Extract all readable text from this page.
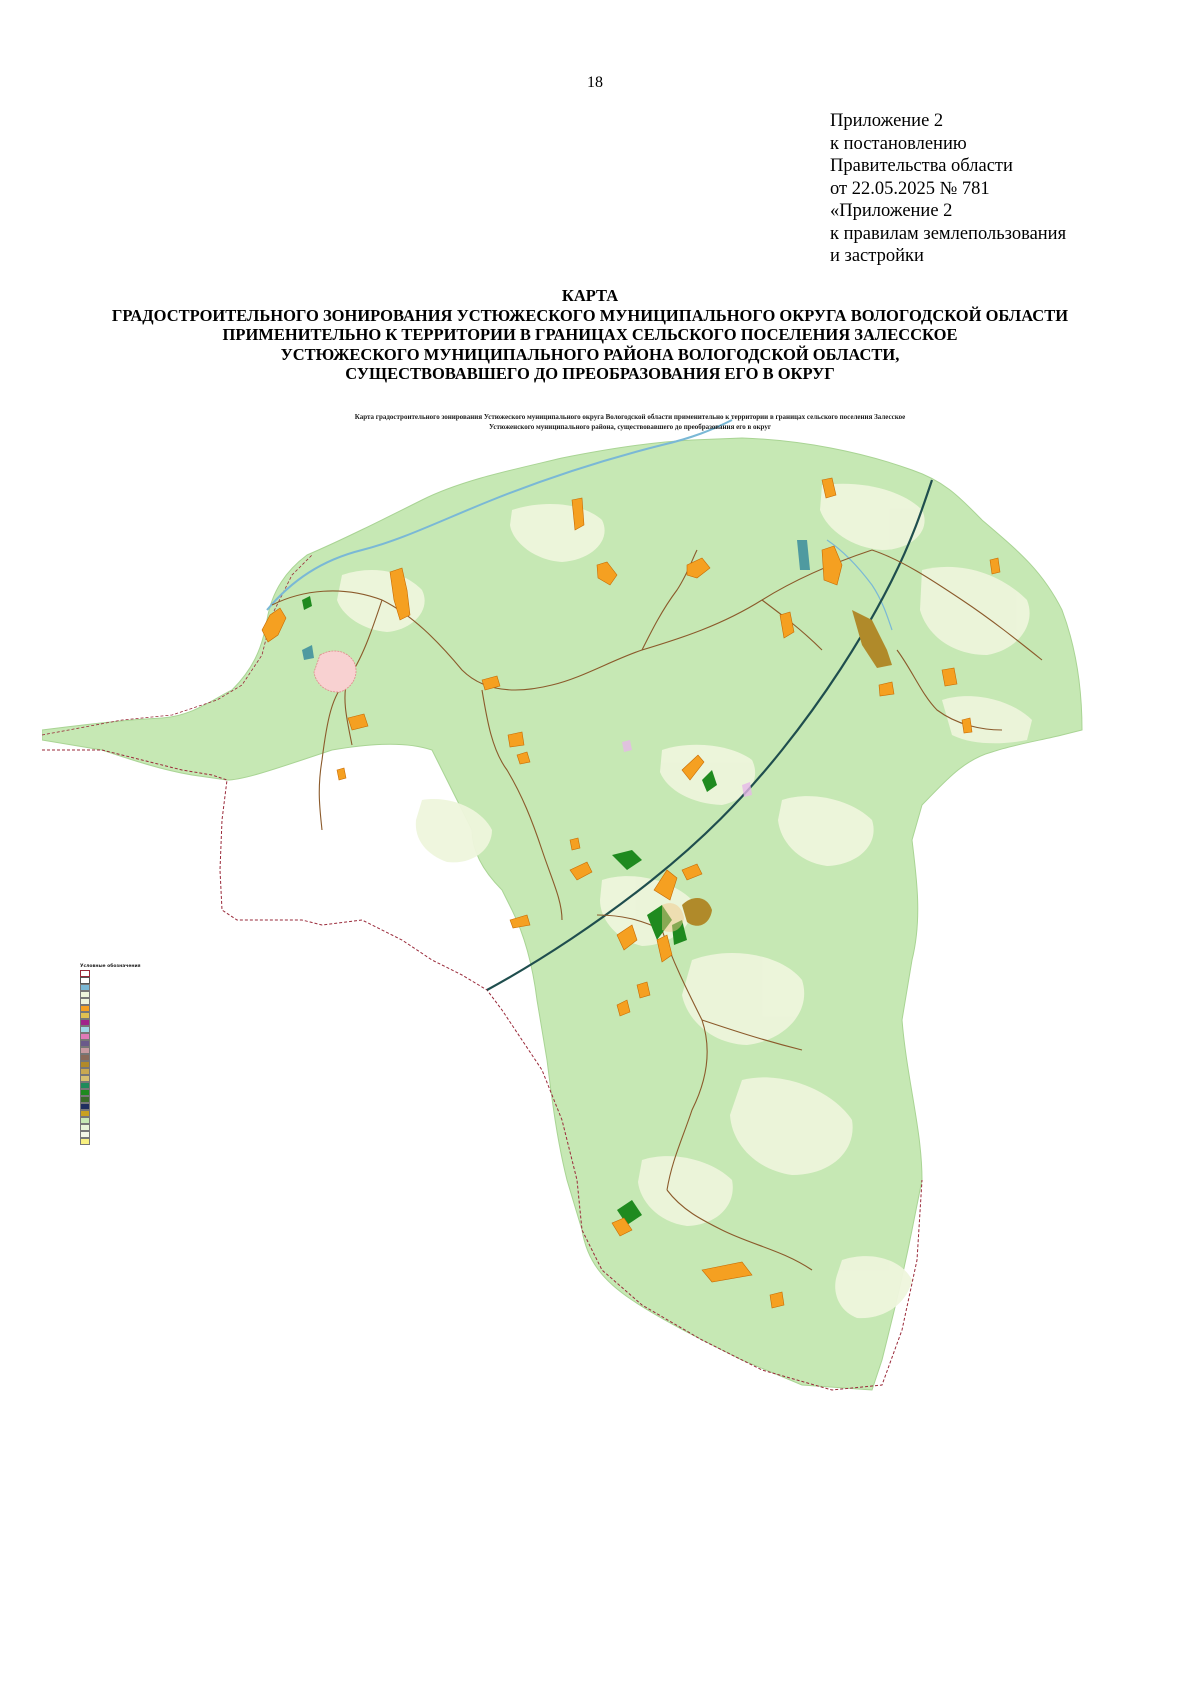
18
Приложение 2
к постановлению
Правительства области
от 22.05.2025 № 781
«Приложение 2
к правилам землепользования
и застройки
КАРТА
ГРАДОСТРОИТЕЛЬНОГО ЗОНИРОВАНИЯ УСТЮЖЕСКОГО МУНИЦИПАЛЬНОГО ОКРУГА ВОЛОГОДСКОЙ ОБЛАСТИ
ПРИМЕНИТЕЛЬНО К ТЕРРИТОРИИ В ГРАНИЦАХ СЕЛЬСКОГО ПОСЕЛЕНИЯ ЗАЛЕССКОЕ
УСТЮЖЕСКОГО МУНИЦИПАЛЬНОГО РАЙОНА ВОЛОГОДСКОЙ ОБЛАСТИ,
СУЩЕСТВОВАВШЕГО ДО ПРЕОБРАЗОВАНИЯ ЕГО В ОКРУГ
Карта градостроительного зонирования Устюжеского муниципального округа Вологодской области применительно к территории в границах сельского поселения Залесское
Устюженского муниципального района, существовавшего до преобразования его в округ
Условные обозначения
